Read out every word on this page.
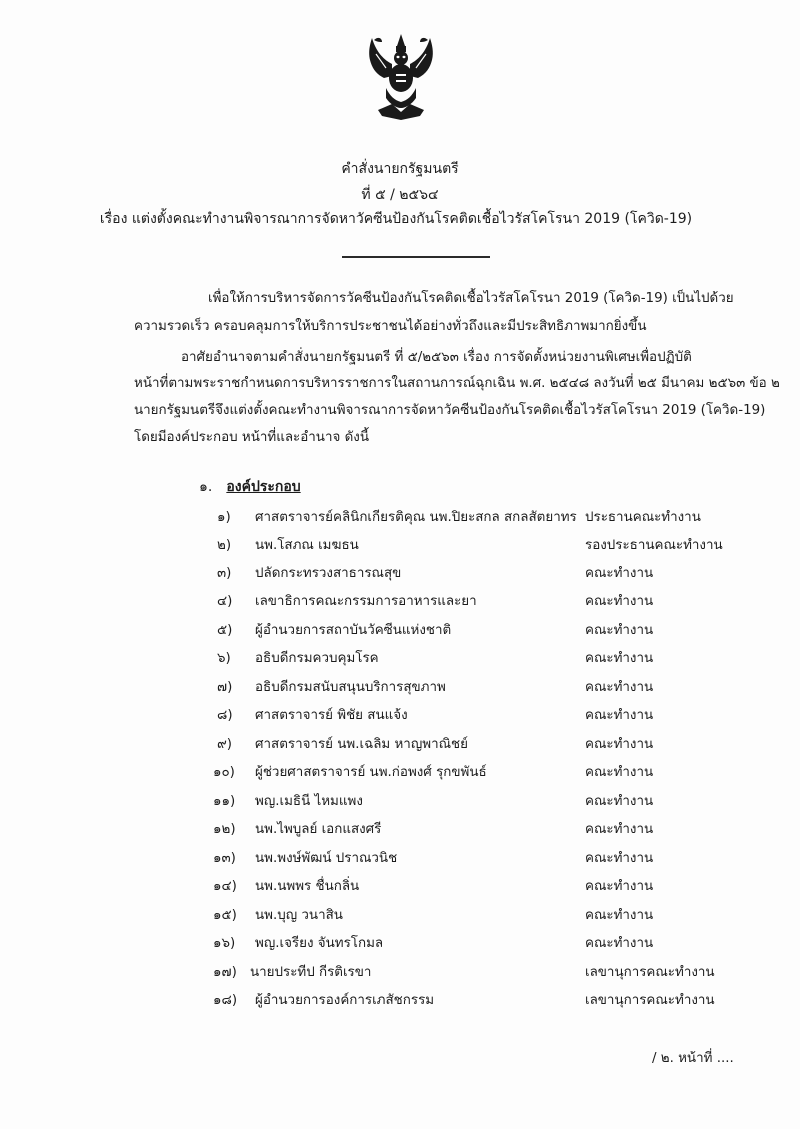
คำสั่งนายกรัฐมนตรี
ที่ ๕ / ๒๕๖๔
เรื่อง แต่งตั้งคณะทำงานพิจารณาการจัดหาวัคซีนป้องกันโรคติดเชื้อไวรัสโคโรนา 2019 (โควิด-19)
เพื่อให้การบริหารจัดการวัคซีนป้องกันโรคติดเชื้อไวรัสโคโรนา 2019 (โควิด-19) เป็นไปด้วย
ความรวดเร็ว ครอบคลุมการให้บริการประชาชนได้อย่างทั่วถึงและมีประสิทธิภาพมากยิ่งขึ้น
อาศัยอำนาจตามคำสั่งนายกรัฐมนตรี ที่ ๕/๒๕๖๓ เรื่อง การจัดตั้งหน่วยงานพิเศษเพื่อปฏิบัติ
หน้าที่ตามพระราชกำหนดการบริหารราชการในสถานการณ์ฉุกเฉิน พ.ศ. ๒๕๔๘ ลงวันที่ ๒๕ มีนาคม ๒๕๖๓ ข้อ ๒
นายกรัฐมนตรีจึงแต่งตั้งคณะทำงานพิจารณาการจัดหาวัคซีนป้องกันโรคติดเชื้อไวรัสโคโรนา 2019 (โควิด-19)
โดยมีองค์ประกอบ หน้าที่และอำนาจ ดังนี้
๑. องค์ประกอบ
๑) ศาสตราจารย์คลินิกเกียรติคุณ นพ.ปิยะสกล สกลสัตยาทร ประธานคณะทำงาน
๒) นพ.โสภณ เมฆธน	รองประธานคณะทำงาน
๓) ปลัดกระทรวงสาธารณสุข	คณะทำงาน
๔) เลขาธิการคณะกรรมการอาหารและยา	คณะทำงาน
๕) ผู้อำนวยการสถาบันวัคซีนแห่งชาติ	คณะทำงาน
๖) อธิบดีกรมควบคุมโรค	คณะทำงาน
๗) อธิบดีกรมสนับสนุนบริการสุขภาพ	คณะทำงาน
๘) ศาสตราจารย์ พิชัย สนแจ้ง	คณะทำงาน
๙) ศาสตราจารย์ นพ.เฉลิม หาญพาณิชย์	คณะทำงาน
๑๐) ผู้ช่วยศาสตราจารย์ นพ.ก่อพงศ์ รุกขพันธ์	คณะทำงาน
๑๑) พญ.เมธินี ไหมแพง	คณะทำงาน
๑๒) นพ.ไพบูลย์ เอกแสงศรี	คณะทำงาน
๑๓) นพ.พงษ์พัฒน์ ปราณวนิช	คณะทำงาน
๑๔) นพ.นพพร ชื่นกลิ่น	คณะทำงาน
๑๕) นพ.บุญ วนาสิน	คณะทำงาน
๑๖) พญ.เจรียง จันทรโกมล	คณะทำงาน
๑๗) นายประทีป กีรติเรขา	เลขานุการคณะทำงาน
๑๘) ผู้อำนวยการองค์การเภสัชกรรม	เลขานุการคณะทำงาน
/ ๒. หน้าที่ ....
